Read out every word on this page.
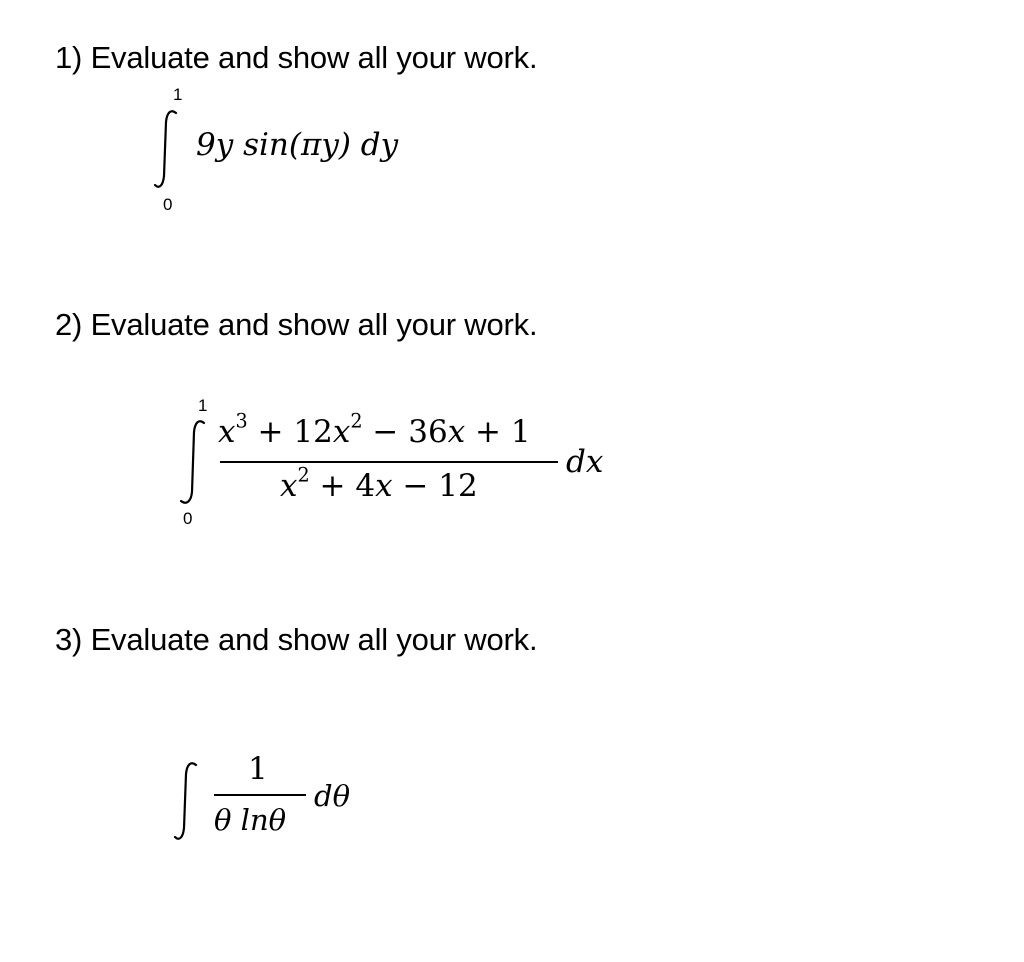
1) Evaluate and show all your work.
1
0
9y sin(πy) dy
2) Evaluate and show all your work.
1
0
$x^3 + 12x^2 - 36x + 1$
$x^2 + 4x - 12$
dx
3) Evaluate and show all your work.
1
θ lnθ
dθ
